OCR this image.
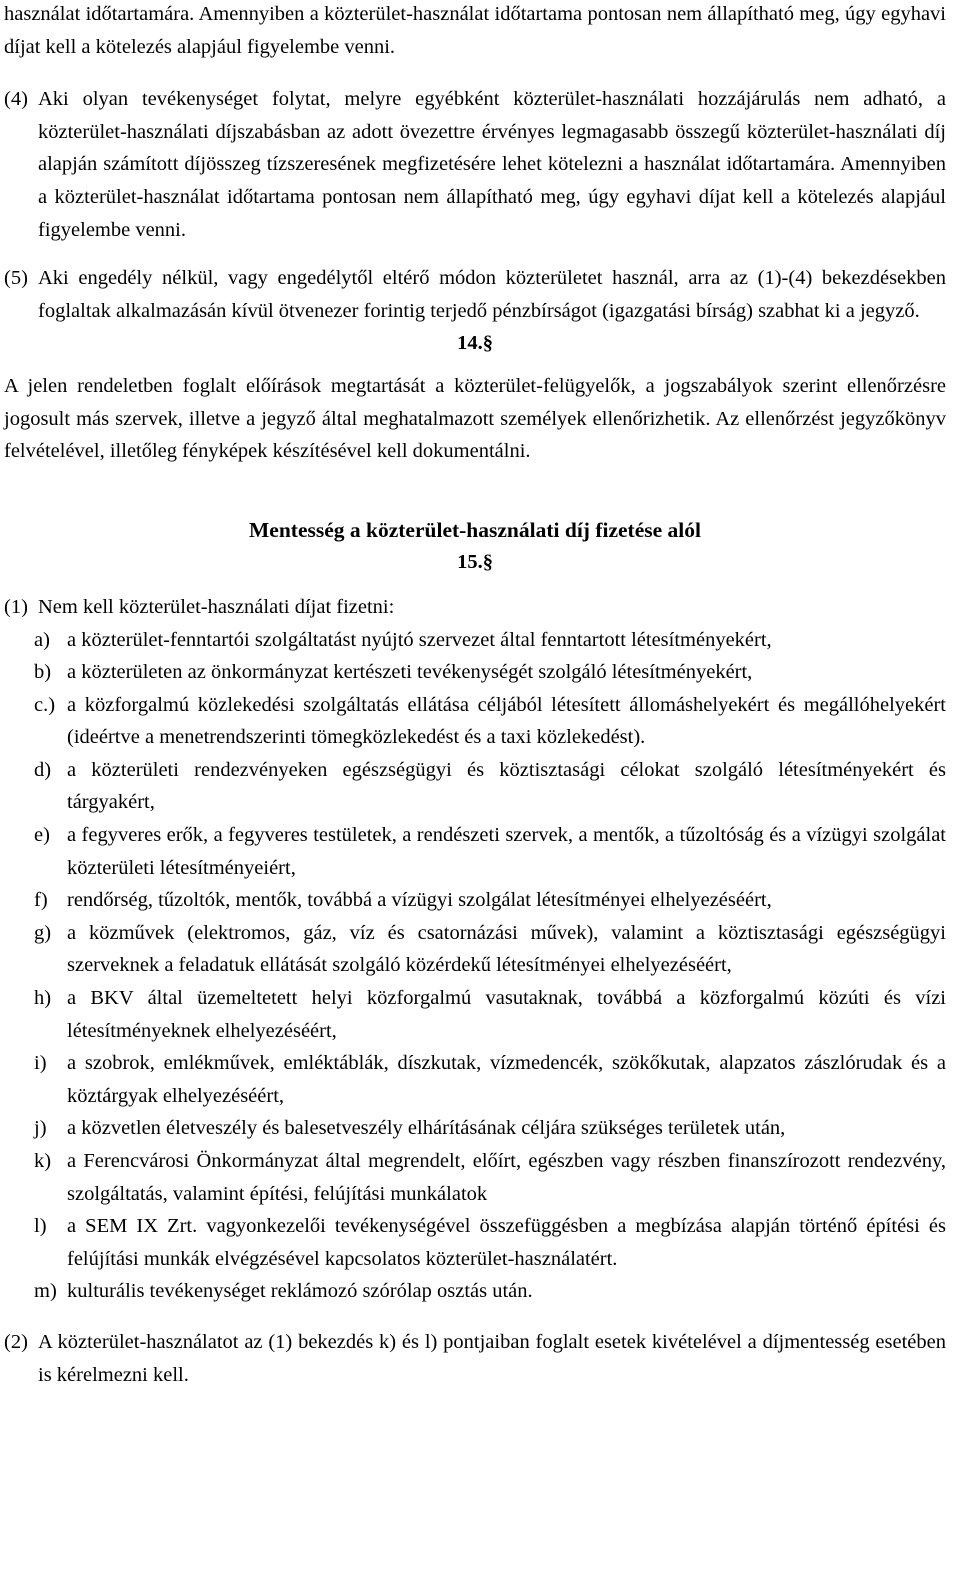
használat időtartamára. Amennyiben a közterület-használat időtartama pontosan nem állapítható meg, úgy egyhavi díjat kell a kötelezés alapjául figyelembe venni.

(4) Aki olyan tevékenységet folytat, melyre egyébként közterület-használati hozzájárulás nem adható, a közterület-használati díjszabásban az adott övezettre érvényes legmagasabb összegű közterület-használati díj alapján számított díjösszeg tízszeresének megfizetésére lehet kötelezni a használat időtartamára. Amennyiben a közterület-használat időtartama pontosan nem állapítható meg, úgy egyhavi díjat kell a kötelezés alapjául figyelembe venni.
(5) Aki engedély nélkül, vagy engedélytől eltérő módon közterületet használ, arra az (1)-(4) bekezdésekben foglaltak alkalmazásán kívül ötvenezer forintig terjedő pénzbírságot (igazgatási bírság) szabhat ki a jegyző.

14.§

A jelen rendeletben foglalt előírások megtartását a közterület-felügyelők, a jogszabályok szerint ellenőrzésre jogosult más szervek, illetve a jegyző által meghatalmazott személyek ellenőrizhetik. Az ellenőrzést jegyzőkönyv felvételével, illetőleg fényképek készítésével kell dokumentálni.

Mentesség a közterület-használati díj fizetése alól

15.§

(1) Nem kell közterület-használati díjat fizetni:
a) a közterület-fenntartói szolgáltatást nyújtó szervezet által fenntartott létesítményekért,
b) a közterületen az önkormányzat kertészeti tevékenységét szolgáló létesítményekért,
c.) a közforgalmú közlekedési szolgáltatás ellátása céljából létesített állomáshelyekért és megállóhelyekért (ideértve a menetrendszerinti tömegközlekedést és a taxi közlekedést).
d) a közterületi rendezvényeken egészségügyi és köztisztasági célokat szolgáló létesítményekért és tárgyakért,
e) a fegyveres erők, a fegyveres testületek, a rendészeti szervek, a mentők, a tűzoltóság és a vízügyi szolgálat közterületi létesítményeiért,
f) rendőrség, tűzoltók, mentők, továbbá a vízügyi szolgálat létesítményei elhelyezéséért,
g) a közművek (elektromos, gáz, víz és csatornázási művek), valamint a köztisztasági egészségügyi szerveknek a feladatuk ellátását szolgáló közérdekű létesítményei elhelyezéséért,
h) a BKV által üzemeltetett helyi közforgalmú vasutaknak, továbbá a közforgalmú közúti és vízi létesítményeknek elhelyezéséért,
i) a szobrok, emlékművek, emléktáblák, díszkutak, vízmedencék, szökőkutak, alapzatos zászlórudak és a köztárgyak elhelyezéséért,
j) a közvetlen életveszély és balesetveszély elhárításának céljára szükséges területek után,
k) a Ferencvárosi Önkormányzat által megrendelt, előírt, egészben vagy részben finanszírozott rendezvény, szolgáltatás, valamint építési, felújítási munkálatok
l) a SEM IX Zrt. vagyonkezelői tevékenységével összefüggésben a megbízása alapján történő építési és felújítási munkák elvégzésével kapcsolatos közterület-használatért.
m) kulturális tevékenységet reklámozó szórólap osztás után.
(2) A közterület-használatot az (1) bekezdés k) és l) pontjaiban foglalt esetek kivételével a díjmentesség esetében is kérelmezni kell.
